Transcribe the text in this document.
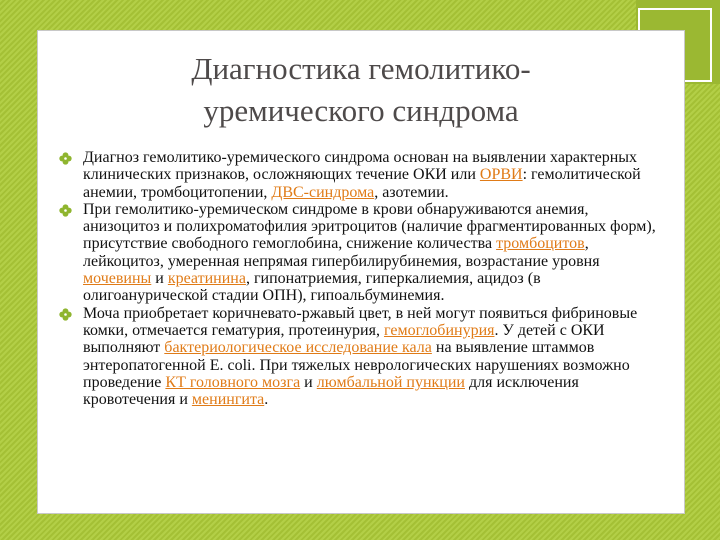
Диагностика гемолитико-
уремического синдрома
Диагноз гемолитико-уремического синдрома основан на выявлении характерных клинических признаков, осложняющих течение ОКИ или ОРВИ: гемолитической анемии, тромбоцитопении, ДВС-синдрома, азотемии.
При гемолитико-уремическом синдроме в крови обнаруживаются анемия, анизоцитоз и полихроматофилия эритроцитов (наличие фрагментированных форм), присутствие свободного гемоглобина, снижение количества тромбоцитов, лейкоцитоз, умеренная непрямая гипербилирубинемия, возрастание уровня мочевины и креатинина, гипонатриемия, гиперкалиемия, ацидоз (в олигоанурической стадии ОПН), гипоальбуминемия.
Моча приобретает коричневато-ржавый цвет, в ней могут появиться фибриновые комки, отмечается гематурия, протеинурия, гемоглобинурия. У детей с ОКИ выполняют бактериологическое исследование кала на выявление штаммов энтеропатогенной E. coli. При тяжелых неврологических нарушениях возможно проведение КТ головного мозга и люмбальной пункции для исключения кровотечения и менингита.
